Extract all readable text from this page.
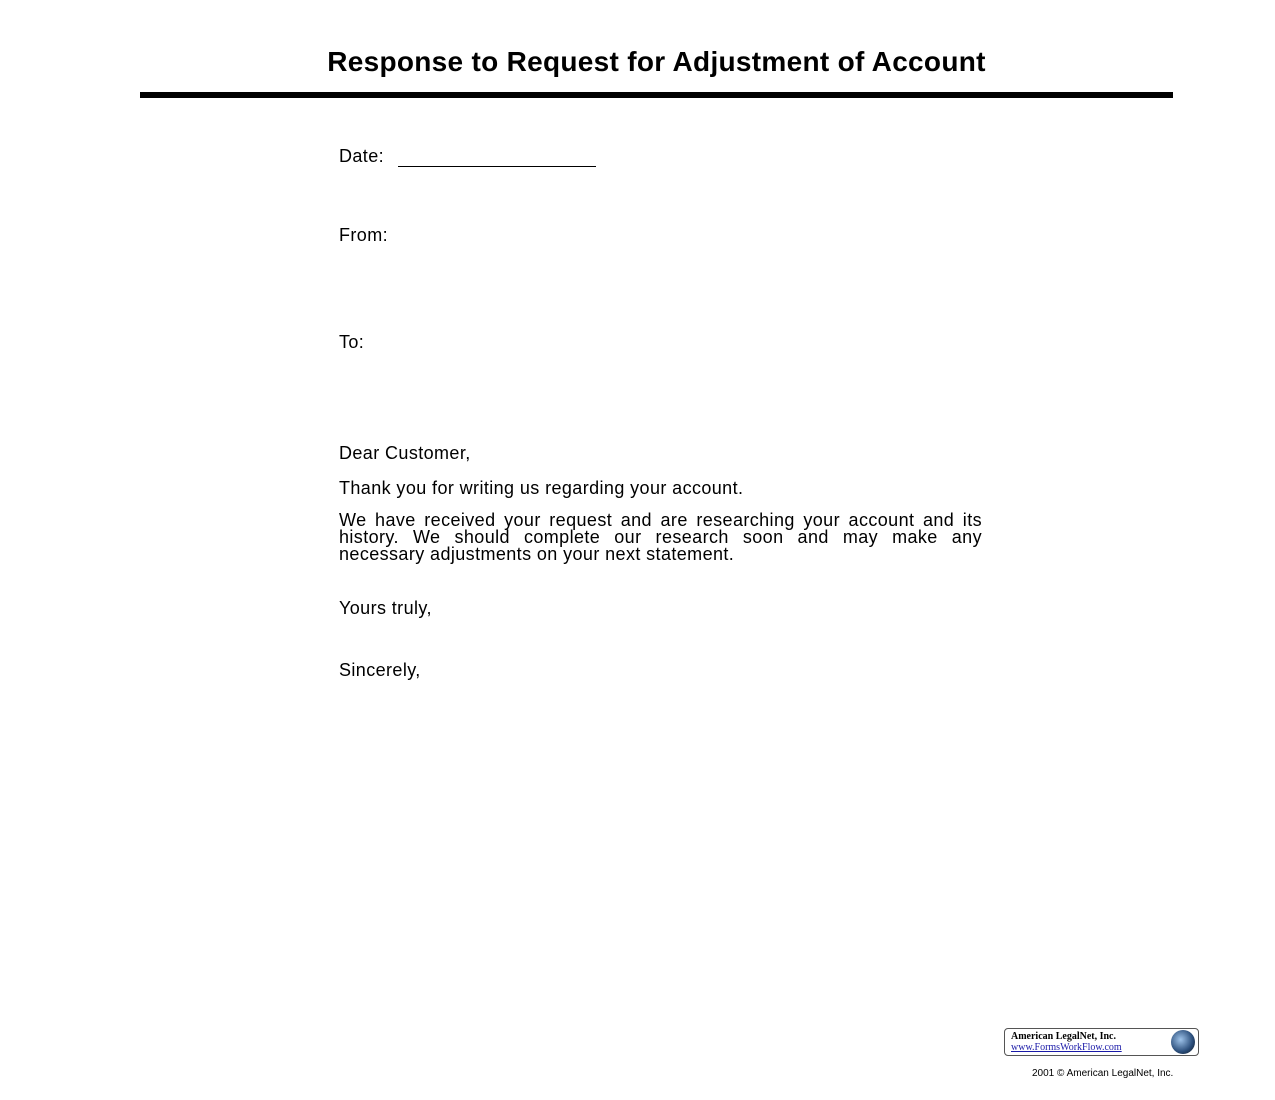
Response to Request for Adjustment of Account
Date:
From:
To:
Dear Customer,
Thank you for writing us regarding your account.
We have received your request and are researching your account and its history. We should complete our research soon and may make any necessary adjustments on your next statement.
Yours truly,
Sincerely,
American LegalNet, Inc.
www.FormsWorkFlow.com
2001 © American LegalNet, Inc.
